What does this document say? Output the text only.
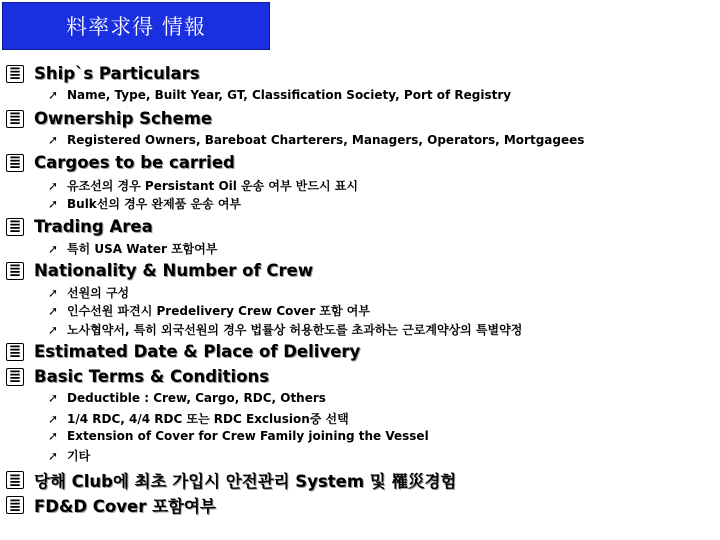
料率求得 情報
≣ Ship`s Particulars
➚ Name, Type, Built Year, GT, Classification Society, Port of Registry
≣ Ownership Scheme
➚ Registered Owners, Bareboat Charterers, Managers, Operators, Mortgagees
≣ Cargoes to be carried
➚ 유조선의 경우 Persistant Oil 운송 여부 반드시 표시
➚ Bulk선의 경우 완제품 운송 여부
≣ Trading Area
➚ 특히 USA Water 포함여부
≣ Nationality & Number of Crew
➚ 선원의 구성
➚ 인수선원 파견시 Predelivery Crew Cover 포함 여부
➚ 노사협약서, 특히 외국선원의 경우 법률상 허용한도를 초과하는 근로계약상의 특별약정
≣ Estimated Date & Place of Delivery
≣ Basic Terms & Conditions
➚ Deductible : Crew, Cargo, RDC, Others
➚ 1/4 RDC, 4/4 RDC 또는 RDC Exclusion중 선택
➚ Extension of Cover for Crew Family joining the Vessel
➚ 기타
≣ 당해 Club에 최초 가입시 안전관리 System 및 罹災경험
≣ FD&D Cover 포함여부
